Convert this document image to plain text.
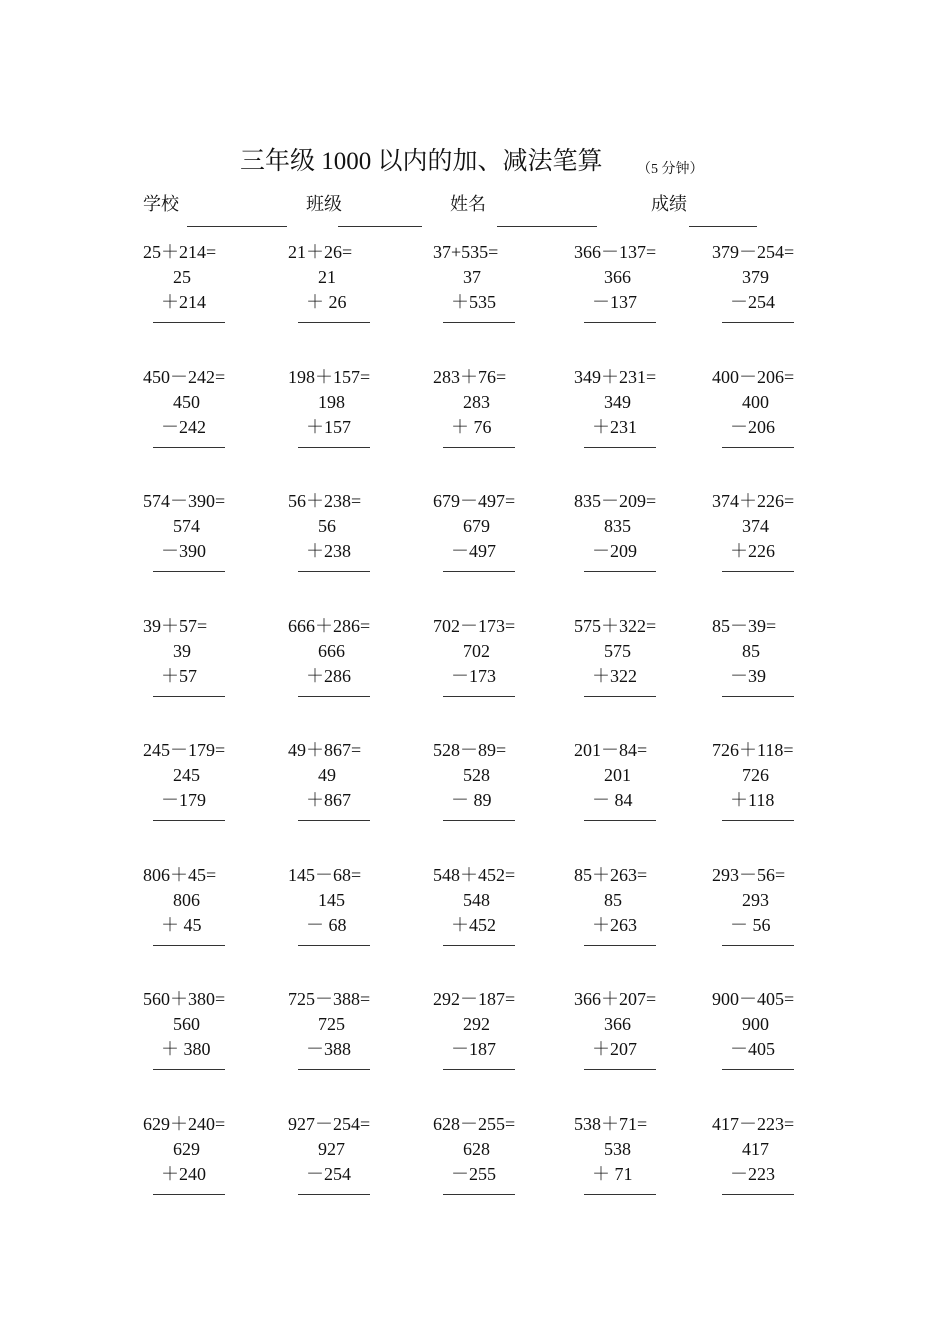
三年级 1000 以内的加、减法笔算 （5 分钟）
学校	班级	姓名	成绩
25＋214=
25
＋214
21＋26=
21
＋ 26
37+535=
37
＋535
366－137=
366
－137
379－254=
379
－254
450－242=
450
－242
198＋157=
198
＋157
283＋76=
283
＋ 76
349＋231=
349
＋231
400－206=
400
－206
574－390=
574
－390
56＋238=
56
＋238
679－497=
679
－497
835－209=
835
－209
374＋226=
374
＋226
39＋57=
39
＋57
666＋286=
666
＋286
702－173=
702
－173
575＋322=
575
＋322
85－39=
85
－39
245－179=
245
－179
49＋867=
49
＋867
528－89=
528
－ 89
201－84=
201
－ 84
726＋118=
726
＋118
806＋45=
806
＋ 45
145－68=
145
－ 68
548＋452=
548
＋452
85＋263=
85
＋263
293－56=
293
－ 56
560＋380=
560
＋ 380
725－388=
725
－388
292－187=
292
－187
366＋207=
366
＋207
900－405=
900
－405
629＋240=
629
＋240
927－254=
927
－254
628－255=
628
－255
538＋71=
538
＋ 71
417－223=
417
－223
